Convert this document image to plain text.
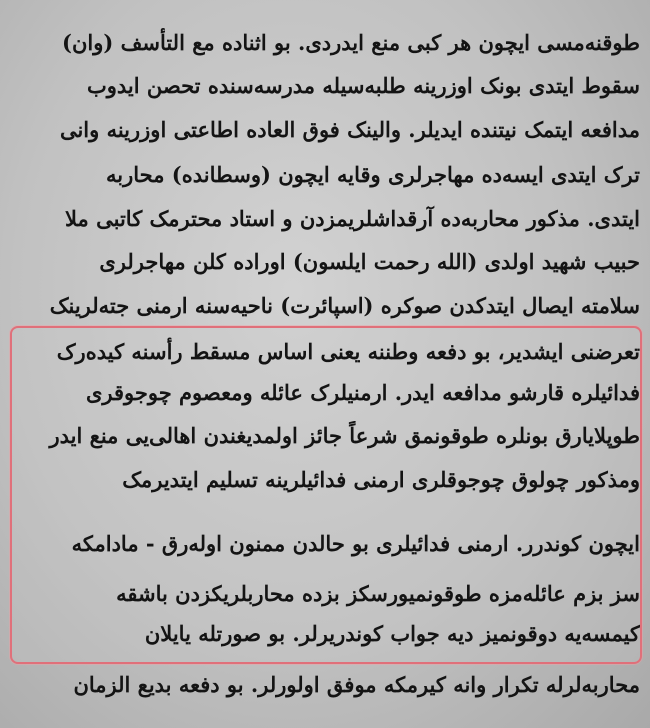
طوقنه‌مسی ایچون هر کبی منع ایدردی. بو اثناده مع التأسف (وان)
سقوط ایتدی بونک اوزرینه طلبه‌سیله مدرسه‌سنده تحصن ایدوب
مدافعه ایتمک نیتنده ایدیلر. والینک فوق العاده اطاعتی اوزرینه وانی
ترک ایتدی ایسه‌ده مهاجرلری وقایه ایچون (وسطانده) محاربه
ایتدی. مذکور محاربه‌ده آرقداشلریمزدن و استاد محترمک کاتبی ملا
حبیب شهید اولدی (الله رحمت ایلسون) اوراده کلن مهاجرلری
سلامته ایصال ایتدکدن صوکره (اسپائرت) ناحیه‌سنه ارمنی جته‌لرینک
تعرضنی ایشدیر، بو دفعه وطننه یعنی اساس مسقط رأسنه کیدەرک
فدائیلره قارشو مدافعه ایدر. ارمنیلرک عائله ومعصوم چوجوقری
طوپلایارق بونلره طوقونمق شرعاً جائز اولمدیغندن اهالی‌یی منع ایدر
ومذکور چولوق چوجوقلری ارمنی فدائیلرینه تسلیم ایتدیرمک
ایچون کوندرر. ارمنی فدائیلری بو حالدن ممنون اولەرق - مادامکه
سز بزم عائله‌مزه طوقونمیورسکز بزده محاربلریکزدن باشقه
کیمسه‌یه دوقونمیز دیه جواب کوندریرلر. بو صورتله یایلان
محاربه‌لرله تکرار وانه کیرمکه موفق اولورلر. بو دفعه بدیع الزمان
